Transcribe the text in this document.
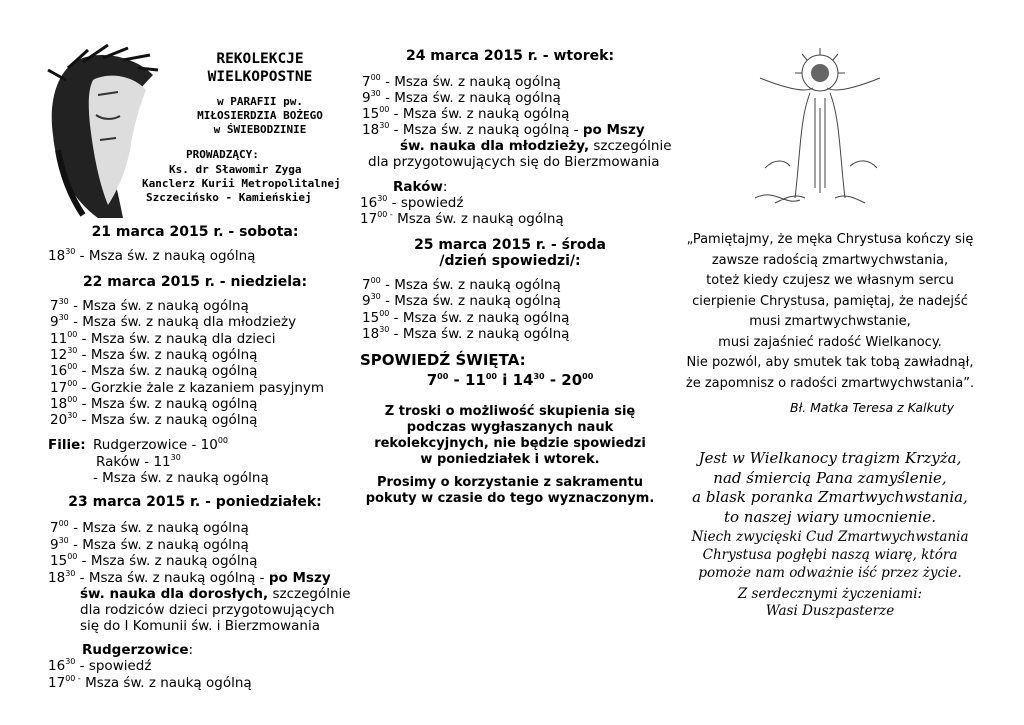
REKOLEKCJE
WIELKOPOSTNE
w PARAFII pw.
MIŁOSIERDZIA BOŻEGO
w ŚWIEBODZINIE
PROWADZĄCY:
Ks. dr Sławomir Zyga
Kanclerz Kurii Metropolitalnej
Szczecińsko - Kamieńskiej
21 marca 2015 r. - sobota:
$18^{30}$ - Msza św. z nauką ogólną
22 marca 2015 r. - niedziela:
$7^{30}$ - Msza św. z nauką ogólną
$9^{30}$ - Msza św. z nauką dla młodzieży
$11^{00}$ - Msza św. z nauką dla dzieci
$12^{30}$ - Msza św. z nauką ogólną
$16^{00}$ - Msza św. z nauką ogólną
$17^{00}$ - Gorzkie żale z kazaniem pasyjnym
$18^{00}$ - Msza św. z nauką ogólną
$20^{30}$ - Msza św. z nauką ogólną
Filie: Rudgerzowice - $10^{00}$
Raków - $11^{30}$
- Msza św. z nauką ogólną
23 marca 2015 r. - poniedziałek:
$7^{00}$ - Msza św. z nauką ogólną
$9^{30}$ - Msza św. z nauką ogólną
$15^{00}$ - Msza św. z nauką ogólną
$18^{30}$ - Msza św. z nauką ogólną - po Mszy
św. nauka dla dorosłych, szczególnie
dla rodziców dzieci przygotowujących
się do I Komunii św. i Bierzmowania
Rudgerzowice:
$16^{30}$ - spowiedź
$17^{00 -}$ Msza św. z nauką ogólną
24 marca 2015 r. - wtorek:
$7^{00}$ - Msza św. z nauką ogólną
$9^{30}$ - Msza św. z nauką ogólną
$15^{00}$ - Msza św. z nauką ogólną
$18^{30}$ - Msza św. z nauką ogólną - po Mszy
św. nauka dla młodzieży, szczególnie
dla przygotowujących się do Bierzmowania
Raków:
$16^{30}$ - spowiedź
$17^{00 -}$ Msza św. z nauką ogólną
25 marca 2015 r. - środa
/dzień spowiedzi/:
$7^{00}$ - Msza św. z nauką ogólną
$9^{30}$ - Msza św. z nauką ogólną
$15^{00}$ - Msza św. z nauką ogólną
$18^{30}$ - Msza św. z nauką ogólną
SPOWIEDŹ ŚWIĘTA:
$7^{00} - 11^{00}$ i $14^{30} - 20^{00}$
Z troski o możliwość skupienia się
podczas wygłaszanych nauk
rekolekcyjnych, nie będzie spowiedzi
w poniedziałek i wtorek.
Prosimy o korzystanie z sakramentu
pokuty w czasie do tego wyznaczonym.
„Pamiętajmy, że męka Chrystusa kończy się
zawsze radością zmartwychwstania,
toteż kiedy czujesz we własnym sercu
cierpienie Chrystusa, pamiętaj, że nadejść
musi zmartwychwstanie,
musi zajaśnieć radość Wielkanocy.
Nie pozwól, aby smutek tak tobą zawładnął,
że zapomnisz o radości zmartwychwstania”.
Bł. Matka Teresa z Kalkuty
Jest w Wielkanocy tragizm Krzyża,
nad śmiercią Pana zamyślenie,
a blask poranka Zmartwychwstania,
to naszej wiary umocnienie.
Niech zwycięski Cud Zmartwychwstania
Chrystusa pogłębi naszą wiarę, która
pomoże nam odważnie iść przez życie.
Z serdecznymi życzeniami:
Wasi Duszpasterze
